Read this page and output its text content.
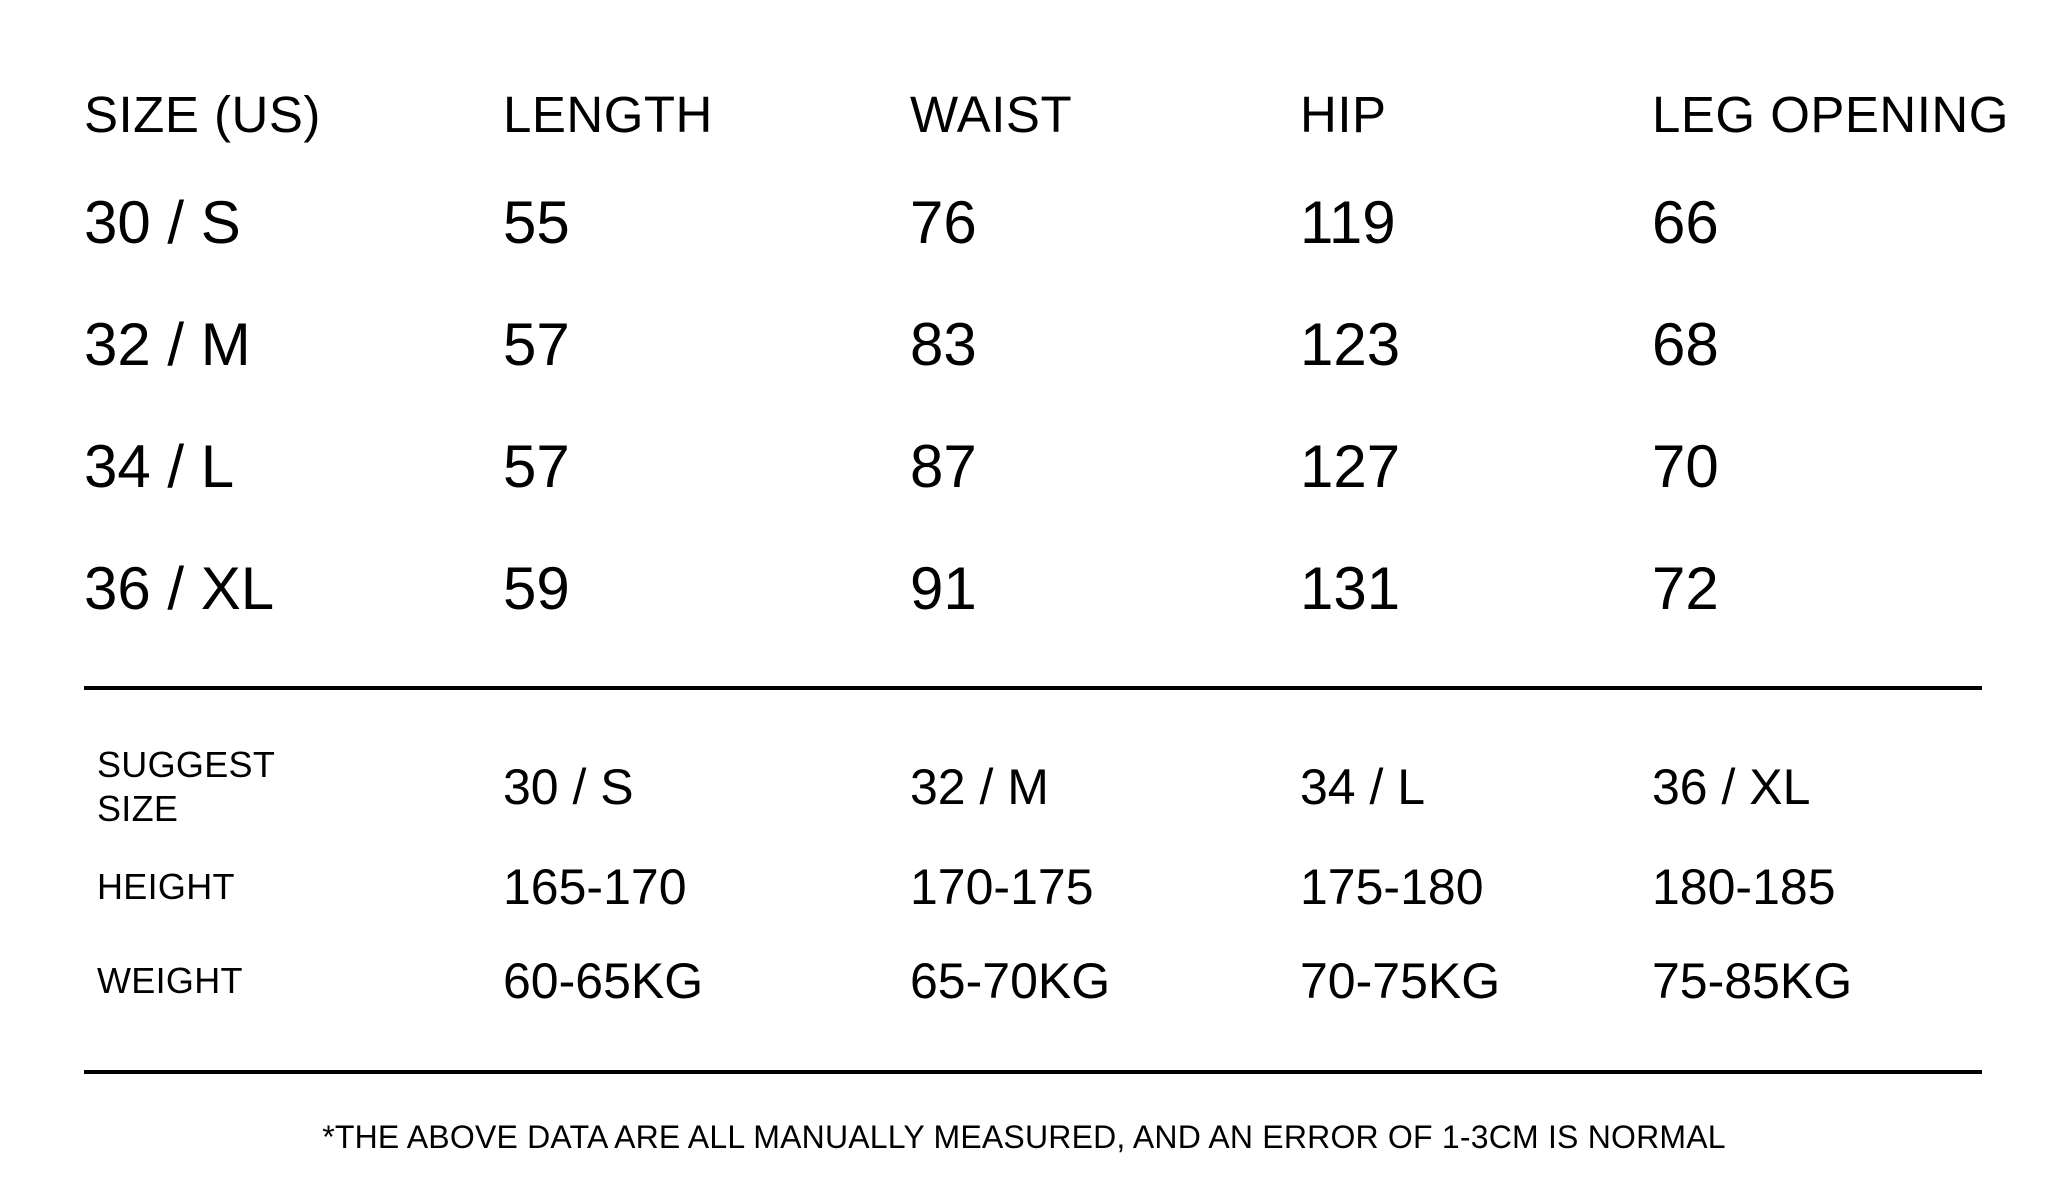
SIZE (US)	LENGTH	WAIST	HIP	LEG OPENING
30 / S	55	76	119	66
32 / M	57	83	123	68
34 / L	57	87	127	70
36 / XL	59	91	131	72
SUGGEST SIZE	30 / S	32 / M	34 / L	36 / XL
HEIGHT	165-170	170-175	175-180	180-185
WEIGHT	60-65KG	65-70KG	70-75KG	75-85KG
*THE ABOVE DATA ARE ALL MANUALLY MEASURED, AND AN ERROR OF 1-3CM IS NORMAL
